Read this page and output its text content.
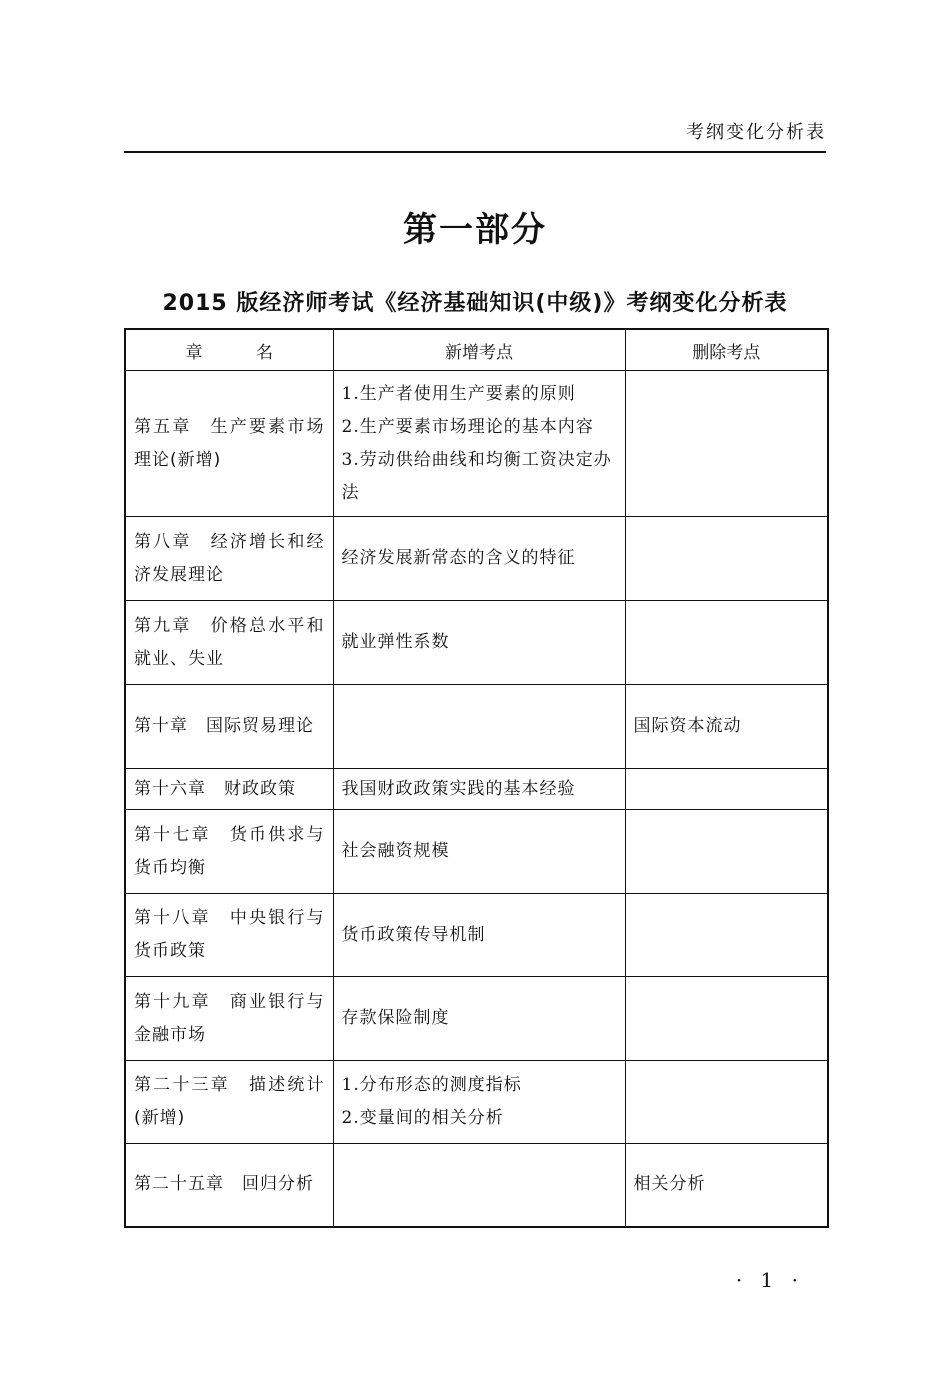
考纲变化分析表
第一部分
2015 版经济师考试《经济基础知识(中级)》考纲变化分析表
章 名	新增考点	删除考点
第五章　生产要素市场理论(新增)	1.生产者使用生产要素的原则
2.生产要素市场理论的基本内容
3.劳动供给曲线和均衡工资决定办法	

第八章　经济增长和经济发展理论	经济发展新常态的含义的特征	

第九章　价格总水平和就业、失业	就业弹性系数	

第十章　国际贸易理论		国际资本流动

第十六章　财政政策	我国财政政策实践的基本经验	

第十七章　货币供求与货币均衡	社会融资规模	

第十八章　中央银行与货币政策	货币政策传导机制	

第十九章　商业银行与金融市场	存款保险制度	

第二十三章　描述统计(新增)	1.分布形态的测度指标
2.变量间的相关分析	

第二十五章　回归分析		相关分析
· 1 ·
